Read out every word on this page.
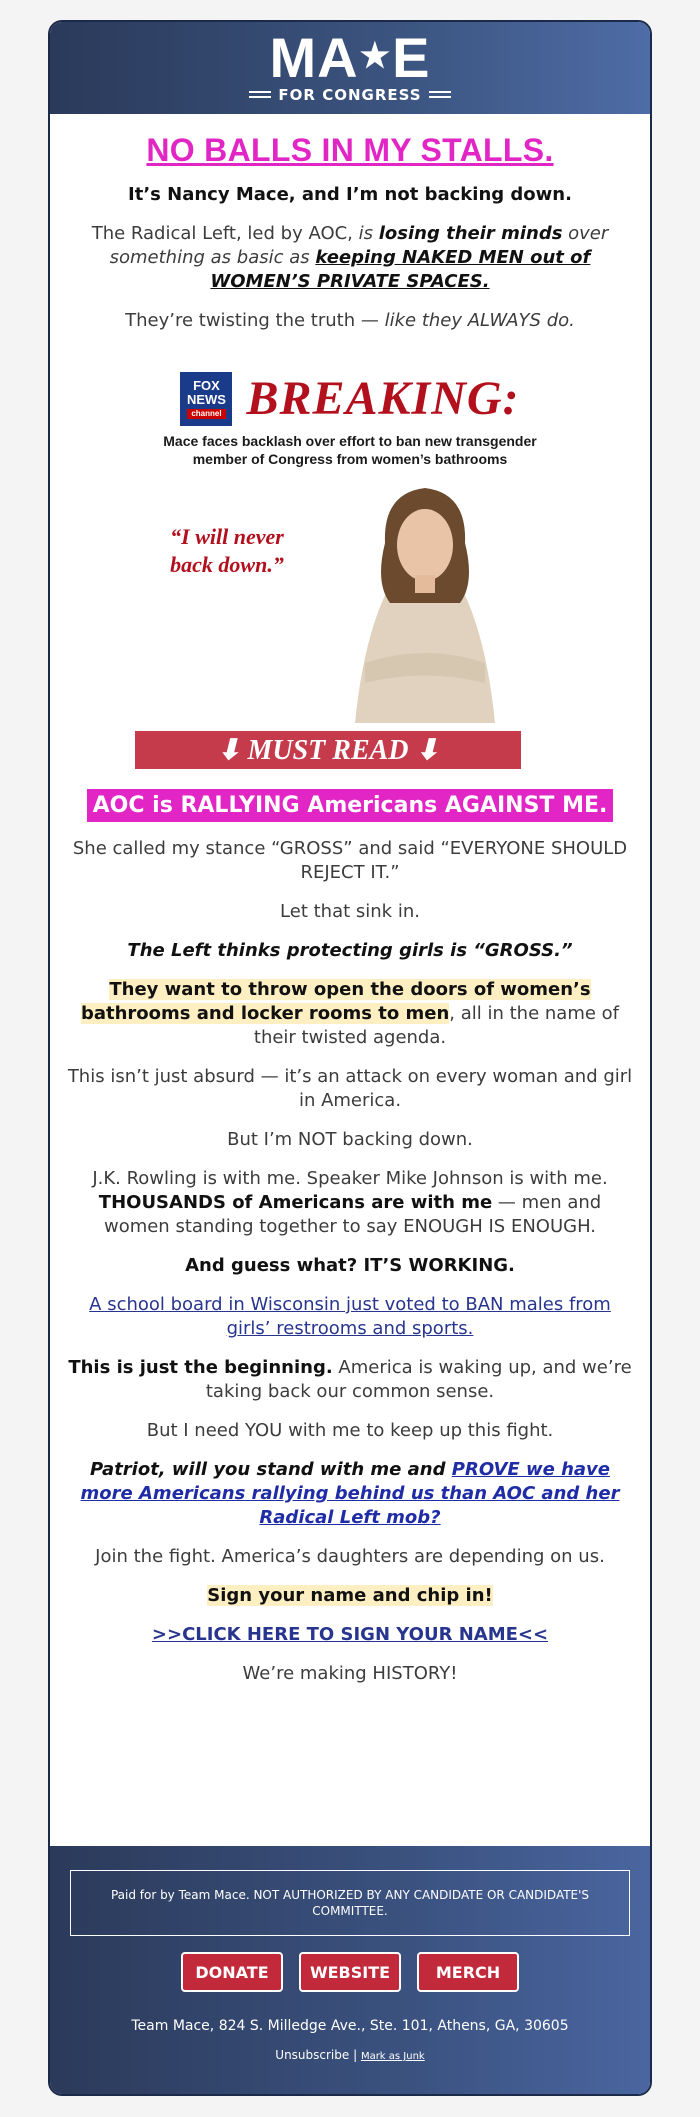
MA ★ E
FOR CONGRESS
NO BALLS IN MY STALLS.
It’s Nancy Mace, and I’m not backing down.
The Radical Left, led by AOC, is losing their minds over something as basic as keeping NAKED MEN out of WOMEN’S PRIVATE SPACES.
They’re twisting the truth — like they ALWAYS do.
FOX
NEWS
channel BREAKING:
Mace faces backlash over effort to ban new transgender member of Congress from women’s bathrooms
“I will never back down.”
⬇ MUST READ ⬇
AOC is RALLYING Americans AGAINST ME.
She called my stance “GROSS” and said “EVERYONE SHOULD REJECT IT.”
Let that sink in.
The Left thinks protecting girls is “GROSS.”
They want to throw open the doors of women’s bathrooms and locker rooms to men, all in the name of their twisted agenda.
This isn’t just absurd — it’s an attack on every woman and girl in America.
But I’m NOT backing down.
J.K. Rowling is with me. Speaker Mike Johnson is with me. THOUSANDS of Americans are with me — men and women standing together to say ENOUGH IS ENOUGH.
And guess what? IT’S WORKING.
A school board in Wisconsin just voted to BAN males from girls’ restrooms and sports.
This is just the beginning. America is waking up, and we’re taking back our common sense.
But I need YOU with me to keep up this fight.
Patriot, will you stand with me and PROVE we have more Americans rallying behind us than AOC and her Radical Left mob?
Join the fight. America’s daughters are depending on us.
Sign your name and chip in!
>>CLICK HERE TO SIGN YOUR NAME<<
We’re making HISTORY!
Paid for by Team Mace. NOT AUTHORIZED BY ANY CANDIDATE OR CANDIDATE'S COMMITTEE.
DONATE	WEBSITE	MERCH
Team Mace, 824 S. Milledge Ave., Ste. 101, Athens, GA, 30605
Unsubscribe | Mark as Junk
